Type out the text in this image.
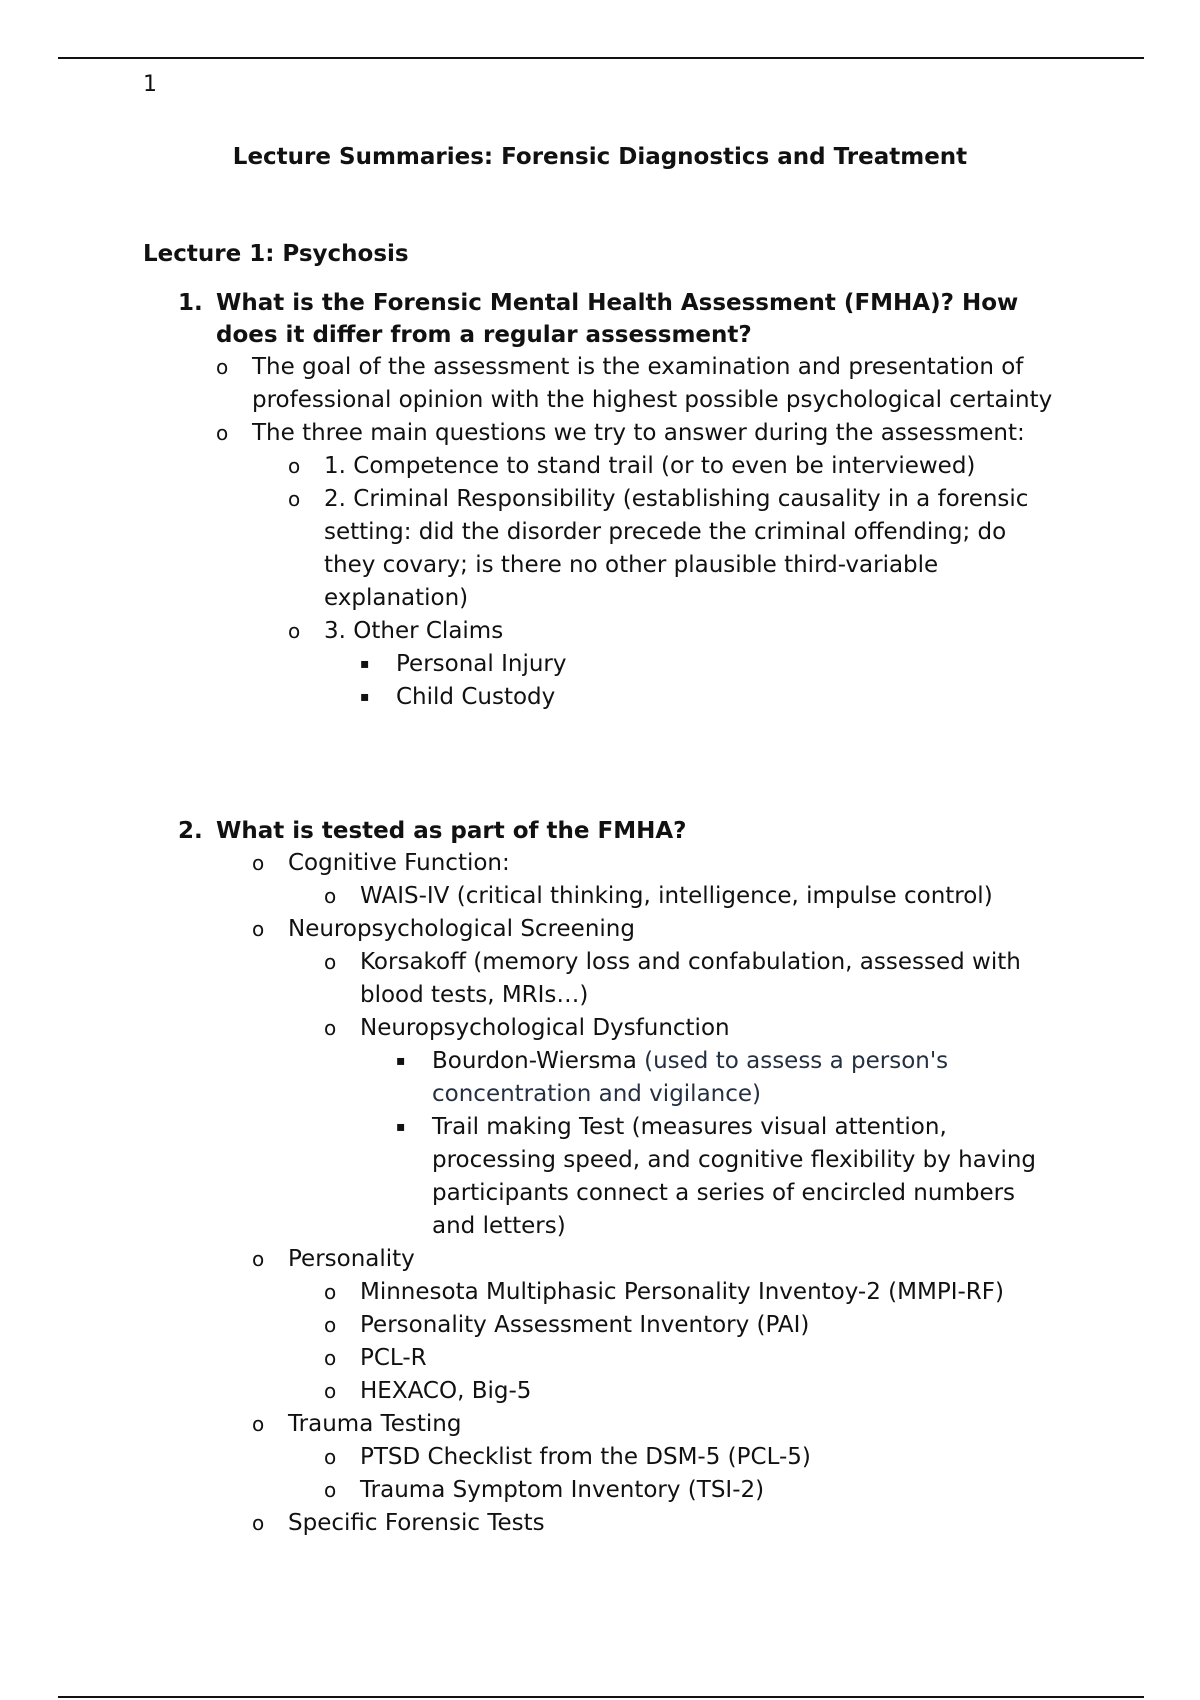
1
Lecture Summaries: Forensic Diagnostics and Treatment
Lecture 1: Psychosis
1. What is the Forensic Mental Health Assessment (FMHA)? How does it differ from a regular assessment?
o	The goal of the assessment is the examination and presentation of professional opinion with the highest possible psychological certainty
o	The three main questions we try to answer during the assessment:
o	1. Competence to stand trail (or to even be interviewed)
o	2. Criminal Responsibility (establishing causality in a forensic setting: did the disorder precede the criminal offending; do they covary; is there no other plausible third-variable explanation)
o	3. Other Claims
▪	Personal Injury
▪	Child Custody
2. What is tested as part of the FMHA?
o	Cognitive Function:
o	WAIS-IV (critical thinking, intelligence, impulse control)
o	Neuropsychological Screening
o	Korsakoff (memory loss and confabulation, assessed with blood tests, MRIs…)
o	Neuropsychological Dysfunction
▪	Bourdon-Wiersma (used to assess a person's concentration and vigilance)
▪	Trail making Test (measures visual attention, processing speed, and cognitive flexibility by having participants connect a series of encircled numbers and letters)
o	Personality
o	Minnesota Multiphasic Personality Inventoy-2 (MMPI-RF)
o	Personality Assessment Inventory (PAI)
o	PCL-R
o	HEXACO, Big-5
o	Trauma Testing
o	PTSD Checklist from the DSM-5 (PCL-5)
o	Trauma Symptom Inventory (TSI-2)
o	Specific Forensic Tests
